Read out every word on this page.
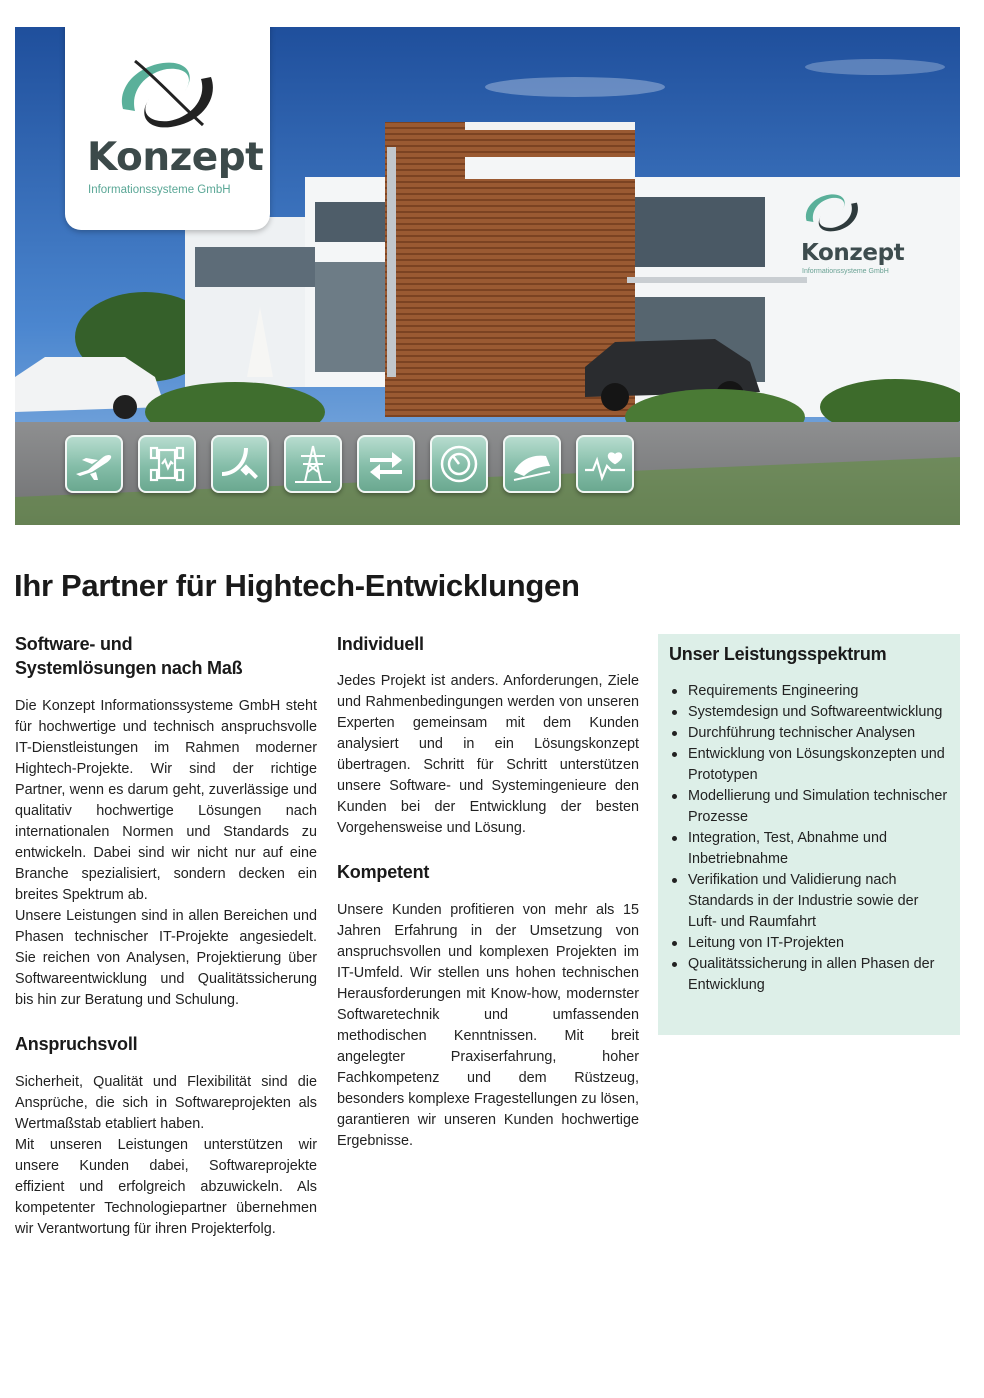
Konzept
Informationssysteme GmbH
Konzept
Informationssysteme GmbH
Ihr Partner für Hightech-Entwicklungen
Software- und Systemlösungen nach Maß

Die Konzept Informationssysteme GmbH steht für hochwertige und technisch anspruchsvolle IT-Dienstleistungen im Rahmen moderner Hightech-Projekte. Wir sind der richtige Partner, wenn es darum geht, zuverlässige und qualitativ hochwertige Lösungen nach internationalen Normen und Standards zu entwickeln. Dabei sind wir nicht nur auf eine Branche spezialisiert, sondern decken ein breites Spektrum ab.

Unsere Leistungen sind in allen Bereichen und Phasen technischer IT-Projekte angesiedelt. Sie reichen von Analysen, Projektierung über Softwareentwicklung und Qualitätssicherung bis hin zur Beratung und Schulung.

Anspruchsvoll

Sicherheit, Qualität und Flexibilität sind die Ansprüche, die sich in Softwareprojekten als Wertmaßstab etabliert haben.

Mit unseren Leistungen unterstützen wir unsere Kunden dabei, Softwareprojekte effizient und erfolgreich abzuwickeln. Als kompetenter Technologiepartner übernehmen wir Verantwortung für ihren Projekterfolg.

Individuell

Jedes Projekt ist anders. Anforderungen, Ziele und Rahmenbedingungen werden von unseren Experten gemeinsam mit dem Kunden analysiert und in ein Lösungskonzept übertragen. Schritt für Schritt unterstützen unsere Software- und Systemingenieure den Kunden bei der Entwicklung der besten Vorgehensweise und Lösung.

Kompetent

Unsere Kunden profitieren von mehr als 15 Jahren Erfahrung in der Umsetzung von anspruchsvollen und komplexen Projekten im IT-Umfeld. Wir stellen uns hohen technischen Herausforderungen mit Know-how, modernster Softwaretechnik und umfassenden methodischen Kenntnissen. Mit breit angelegter Praxiserfahrung, hoher Fachkompetenz und dem Rüstzeug, besonders komplexe Fragestellungen zu lösen, garantieren wir unseren Kunden hochwertige Ergebnisse.

Unser Leistungsspektrum
Requirements Engineering
Systemdesign und Softwareentwicklung
Durchführung technischer Analysen
Entwicklung von Lösungskonzepten und Prototypen
Modellierung und Simulation technischer Prozesse
Integration, Test, Abnahme und Inbetriebnahme
Verifikation und Validierung nach Standards in der Industrie sowie der Luft- und Raumfahrt
Leitung von IT-Projekten
Qualitätssicherung in allen Phasen der Entwicklung
